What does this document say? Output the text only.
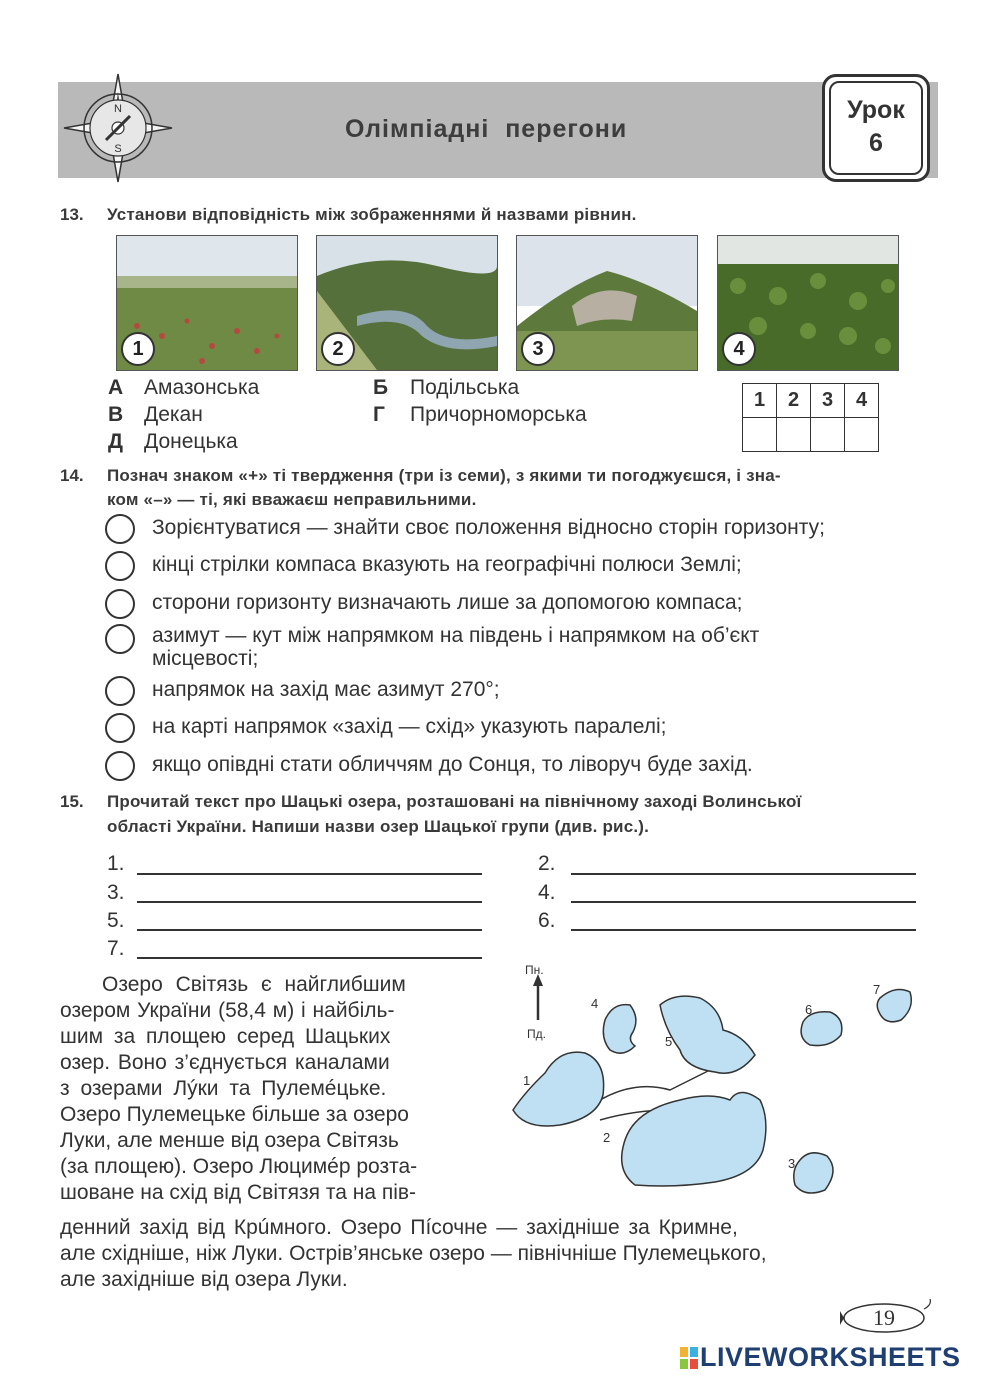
N
S
Олімпіадні  перегони
Урок
6
13. Установи відповідність між зображеннями й назвами рівнин.
1	2	3	4
А Амазонська	Б Подільська
В Декан	Г Причорноморська
Д Донецька
1	2	3	4

14. Познач знаком «+» ті твердження (три із семи), з якими ти погоджуєшся, і зна-
ком «–» — ті, які вважаєш неправильними.
Зорієнтуватися — знайти своє положення відносно сторін горизонту;
кінці стрілки компаса вказують на географічні полюси Землі;
сторони горизонту визначають лише за допомогою компаса;
азимут — кут між напрямком на південь і напрямком на об’єкт
місцевості;
напрямок на захід має азимут 270°;
на карті напрямок «захід — схід» указують паралелі;
якщо опівдні стати обличчям до Сонця, то ліворуч буде захід.
15. Прочитай текст про Шацькі озера, розташовані на північному заході Волинської
області України. Напиши назви озер Шацької групи (див. рис.).
1.	2.
3.	4.
5.	6.
7.
Озеро Світязь є найглибшим
озером України (58,4 м) і найбіль-
шим за площею серед Шацьких
озер. Воно з’єднується каналами
з озерами Лýки та Пулемéцьке.
Озеро Пулемецьке більше за озеро
Луки, але менше від озера Світязь
(за площею). Озеро Люцимéр розта-
шоване на схід від Світязя та на пів-
денний захід від Крúмного. Озеро Пíсочне — західніше за Кримне,
але східніше, ніж Луки. Острів’янське озеро — північніше Пулемецького,
але західніше від озера Луки.
Пн.
Пд.
1
2
3
4
5
6
7
19
LIVEWORKSHEETS
